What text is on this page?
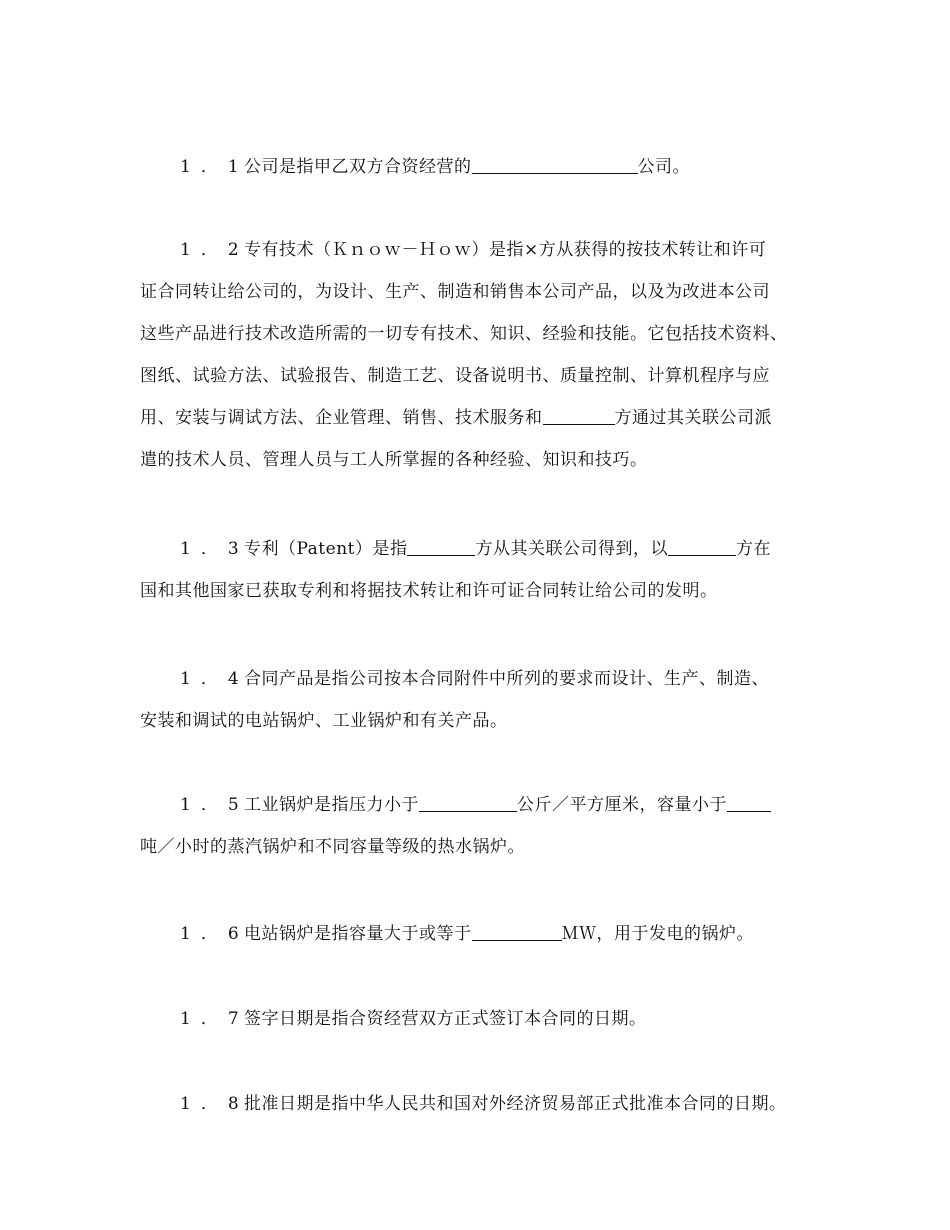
1．1公司是指甲乙双方合资经营的	公司。
1．2专有技术（Ｋｎｏｗ－Ｈｏｗ）是指×方从获得的按技术转让和许可
证合同转让给公司的，为设计、生产、制造和销售本公司产品，以及为改进本公司
这些产品进行技术改造所需的一切专有技术、知识、经验和技能。它包括技术资料、
图纸、试验方法、试验报告、制造工艺、设备说明书、质量控制、计算机程序与应
用、安装与调试方法、企业管理、销售、技术服务和	方通过其关联公司派
遣的技术人员、管理人员与工人所掌握的各种经验、知识和技巧。
1．3专利（Patent）是指	方从其关联公司得到，以	方在
国和其他国家已获取专利和将据技术转让和许可证合同转让给公司的发明。
1．4合同产品是指公司按本合同附件中所列的要求而设计、生产、制造、
安装和调试的电站锅炉、工业锅炉和有关产品。
1．5工业锅炉是指压力小于	公斤／平方厘米，容量小于
吨／小时的蒸汽锅炉和不同容量等级的热水锅炉。
1．6电站锅炉是指容量大于或等于	ＭＷ，用于发电的锅炉。
1．7签字日期是指合资经营双方正式签订本合同的日期。
1．8批准日期是指中华人民共和国对外经济贸易部正式批准本合同的日期。
